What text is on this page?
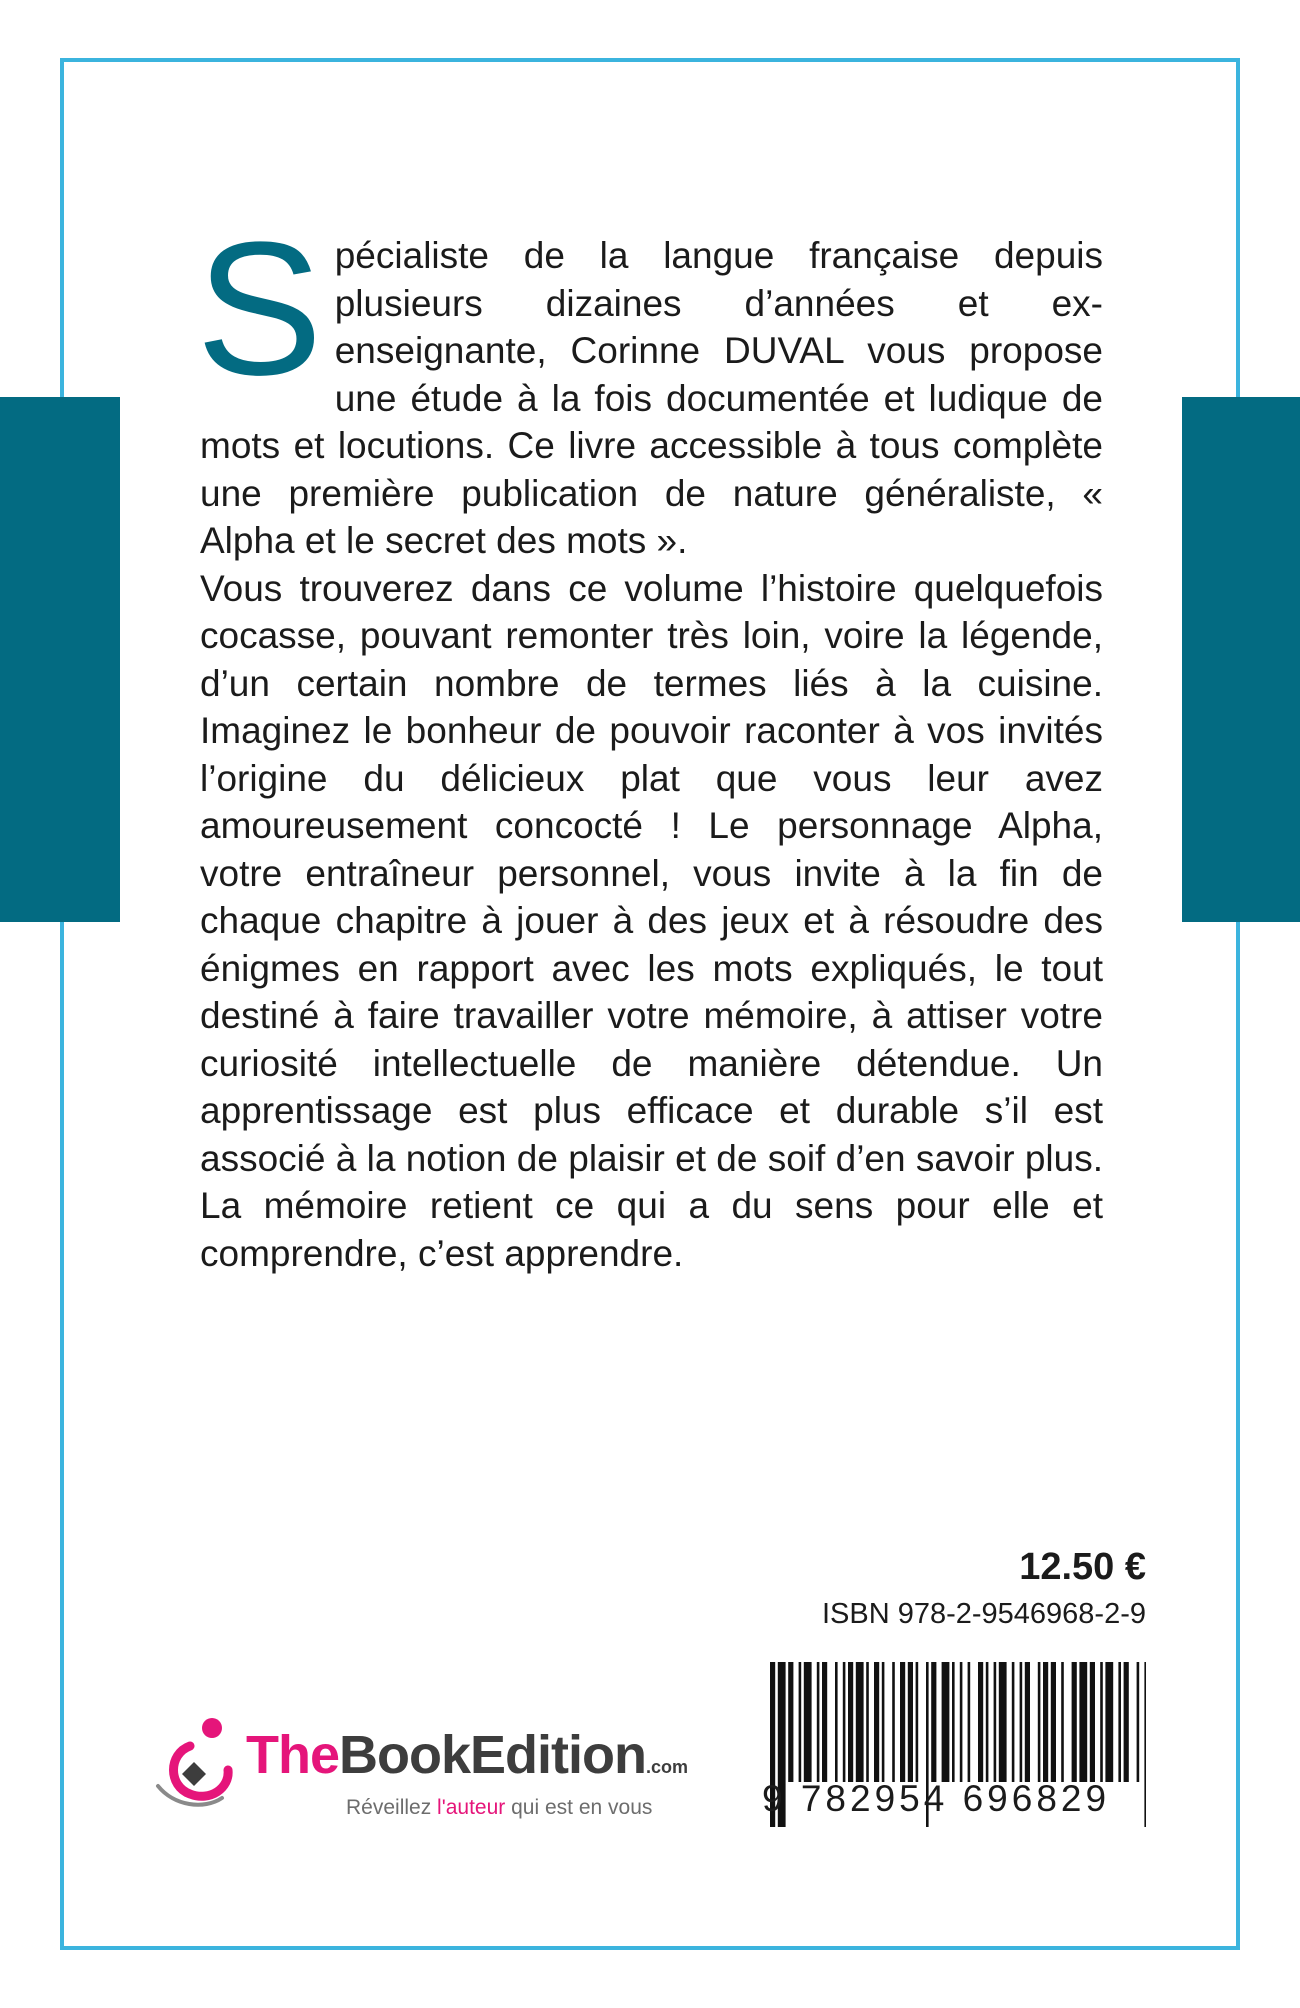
Spécialiste de la langue française depuis plusieurs dizaines d’années et ex-enseignante, Corinne DUVAL vous propose une étude à la fois documentée et ludique de mots et locutions. Ce livre accessible à tous complète une première publication de nature généraliste, « Alpha et le secret des mots ».

Vous trouverez dans ce volume l’histoire quelquefois cocasse, pouvant remonter très loin, voire la légende, d’un certain nombre de termes liés à la cuisine. Imaginez le bonheur de pouvoir raconter à vos invités l’origine du délicieux plat que vous leur avez amoureusement concocté ! Le personnage Alpha, votre entraîneur personnel, vous invite à la fin de chaque chapitre à jouer à des jeux et à résoudre des énigmes en rapport avec les mots expliqués, le tout destiné à faire travailler votre mémoire, à attiser votre curiosité intellectuelle de manière détendue. Un apprentissage est plus efficace et durable s’il est associé à la notion de plaisir et de soif d’en savoir plus. La mémoire retient ce qui a du sens pour elle et comprendre, c’est apprendre.

12.50 €
ISBN 978-2-9546968-2-9
9 782954 696829
TheBookEdition.com
Réveillez l'auteur qui est en vous
